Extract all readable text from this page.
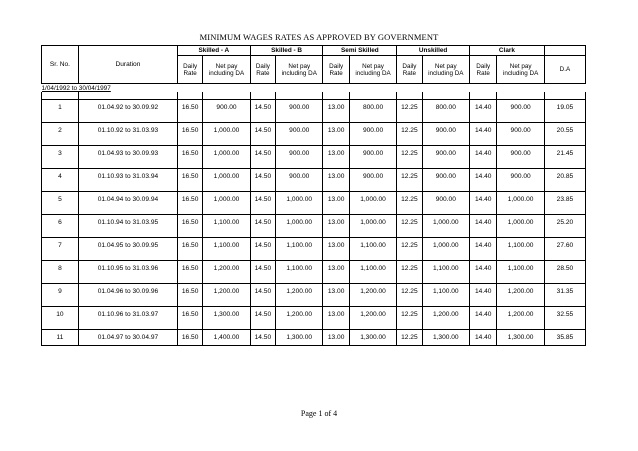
MINIMUM WAGES RATES AS APPROVED BY GOVERNMENT
Sr. No.	Duration	Skilled - A		Skilled - B		Semi Skilled		Unskilled		Clark		
		Daily Rate	Net pay including DA	Daily Rate	Net pay including DA	Daily Rate	Net pay including DA	Daily Rate	Net pay including DA	Daily Rate	Net pay including DA	D.A
1/04/1992 to 30/04/1997												

1	01.04.92 to 30.09.92	16.50	900.00	14.50	900.00	13.00	800.00	12.25	800.00	14.40	900.00	19.05

2	01.10.92 to 31.03.93	16.50	1,000.00	14.50	900.00	13.00	900.00	12.25	900.00	14.40	900.00	20.55

3	01.04.93 to 30.09.93	16.50	1,000.00	14.50	900.00	13.00	900.00	12.25	900.00	14.40	900.00	21.45

4	01.10.93 to 31.03.94	16.50	1,000.00	14.50	900.00	13.00	900.00	12.25	900.00	14.40	900.00	20.85

5	01.04.94 to 30.09.94	16.50	1,000.00	14.50	1,000.00	13.00	1,000.00	12.25	900.00	14.40	1,000.00	23.85

6	01.10.94 to 31.03.95	16.50	1,100.00	14.50	1,000.00	13.00	1,000.00	12.25	1,000.00	14.40	1,000.00	25.20

7	01.04.95 to 30.09.95	16.50	1,100.00	14.50	1,100.00	13.00	1,100.00	12.25	1,000.00	14.40	1,100.00	27.60

8	01.10.95 to 31.03.96	16.50	1,200.00	14.50	1,100.00	13.00	1,100.00	12.25	1,100.00	14.40	1,100.00	28.50

9	01.04.96 to 30.09.96	16.50	1,200.00	14.50	1,200.00	13.00	1,200.00	12.25	1,100.00	14.40	1,200.00	31.35

10	01.10.96 to 31.03.97	16.50	1,300.00	14.50	1,200.00	13.00	1,200.00	12.25	1,200.00	14.40	1,200.00	32.55

11	01.04.97 to 30.04.97	16.50	1,400.00	14.50	1,300.00	13.00	1,300.00	12.25	1,300.00	14.40	1,300.00	35.85
Page 1 of 4
